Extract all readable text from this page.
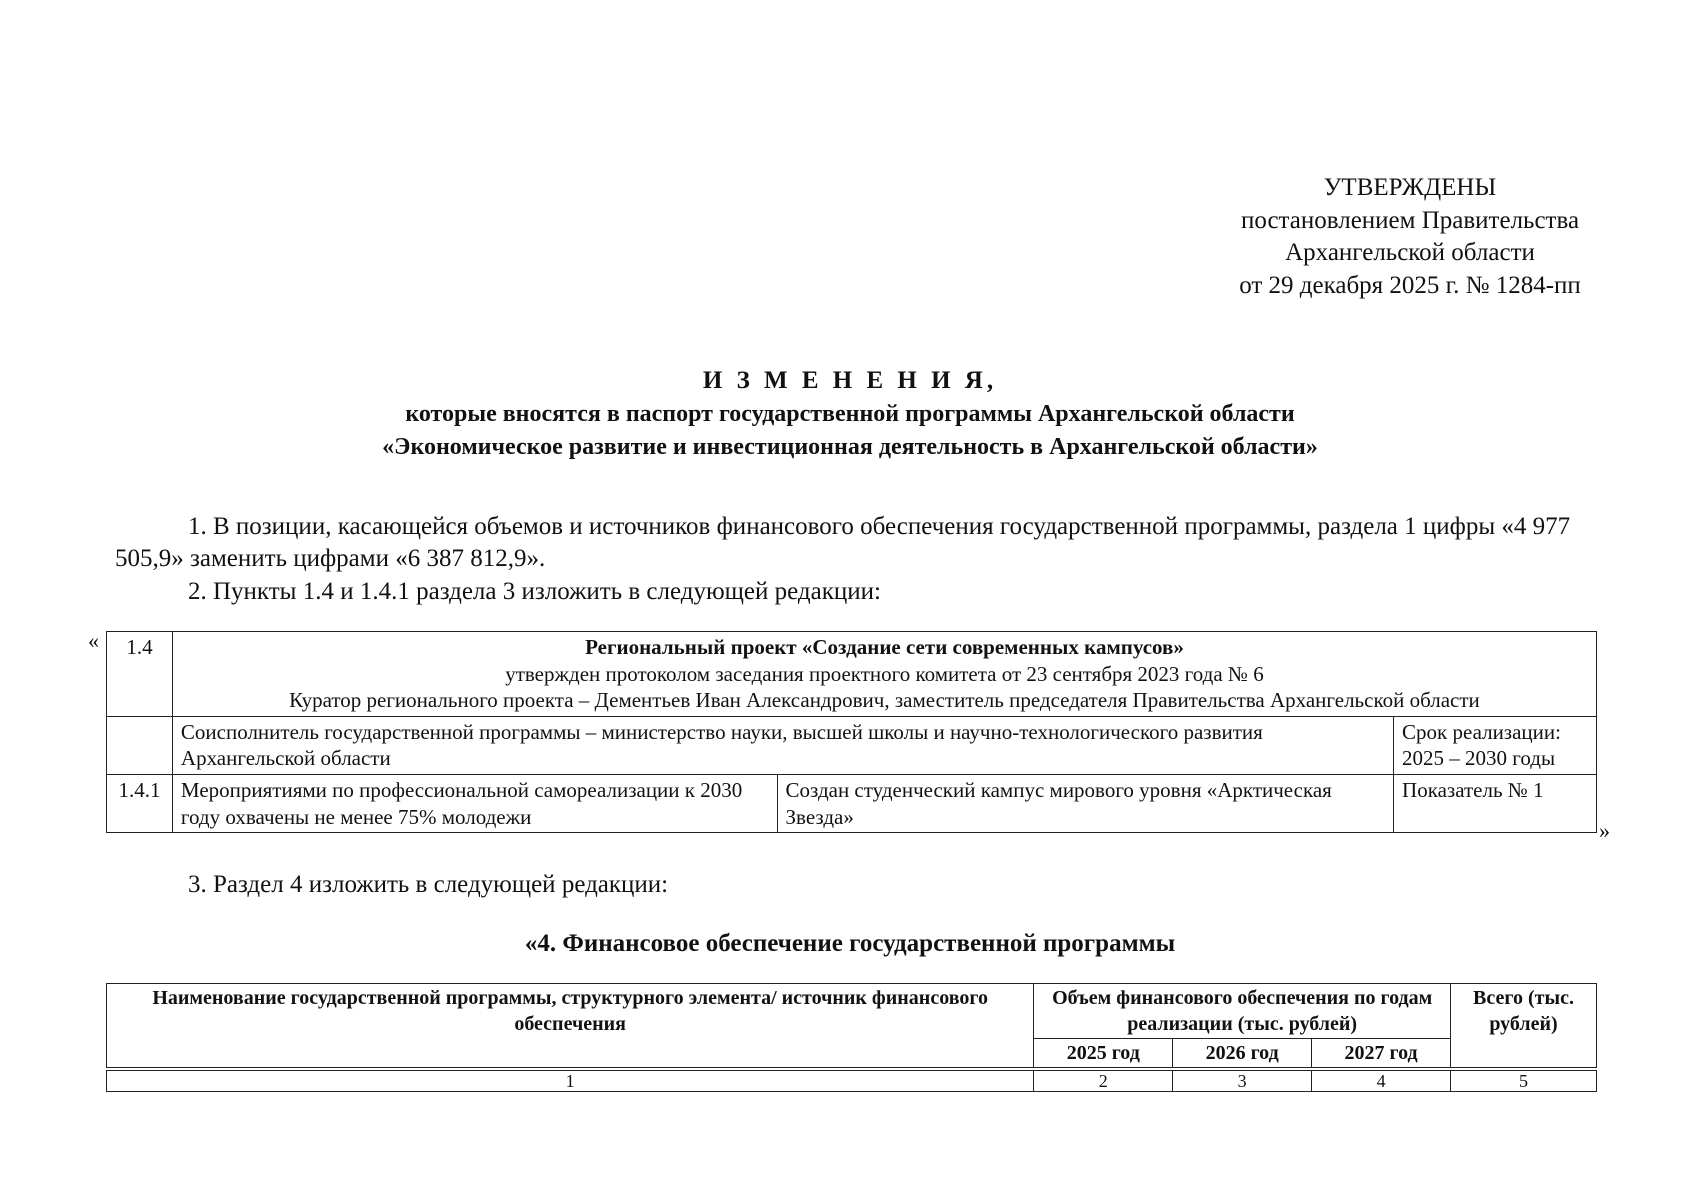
УТВЕРЖДЕНЫ
постановлением Правительства
Архангельской области
от 29 декабря 2025 г. № 1284-пп
И З М Е Н Е Н И Я,
которые вносятся в паспорт государственной программы Архангельской области
«Экономическое развитие и инвестиционная деятельность в Архангельской области»
1. В позиции, касающейся объемов и источников финансового обеспечения государственной программы, раздела 1 цифры «4 977 505,9» заменить цифрами «6 387 812,9».
2. Пункты 1.4 и 1.4.1 раздела 3 изложить в следующей редакции:
« 1.4	Региональный проект «Создание сети современных кампусов»
утвержден протоколом заседания проектного комитета от 23 сентября 2023 года № 6
Куратор регионального проекта – Дементьев Иван Александрович, заместитель председателя Правительства Архангельской области		

	Соисполнитель государственной программы – министерство науки, высшей школы и научно-технологического развития Архангельской области		Срок реализации: 2025 – 2030 годы
1.4.1	Мероприятиями по профессиональной самореализации к 2030 году охвачены не менее 75% молодежи	Создан студенческий кампус мирового уровня «Арктическая Звезда»	Показатель № 1
»
3. Раздел 4 изложить в следующей редакции:
«4. Финансовое обеспечение государственной программы
Наименование государственной программы, структурного элемента/ источник финансового обеспечения	Объем финансового обеспечения по годам реализации (тыс. рублей)			Всего (тыс. рублей)
	2025 год	2026 год	2027 год	
1	2	3	4	5
